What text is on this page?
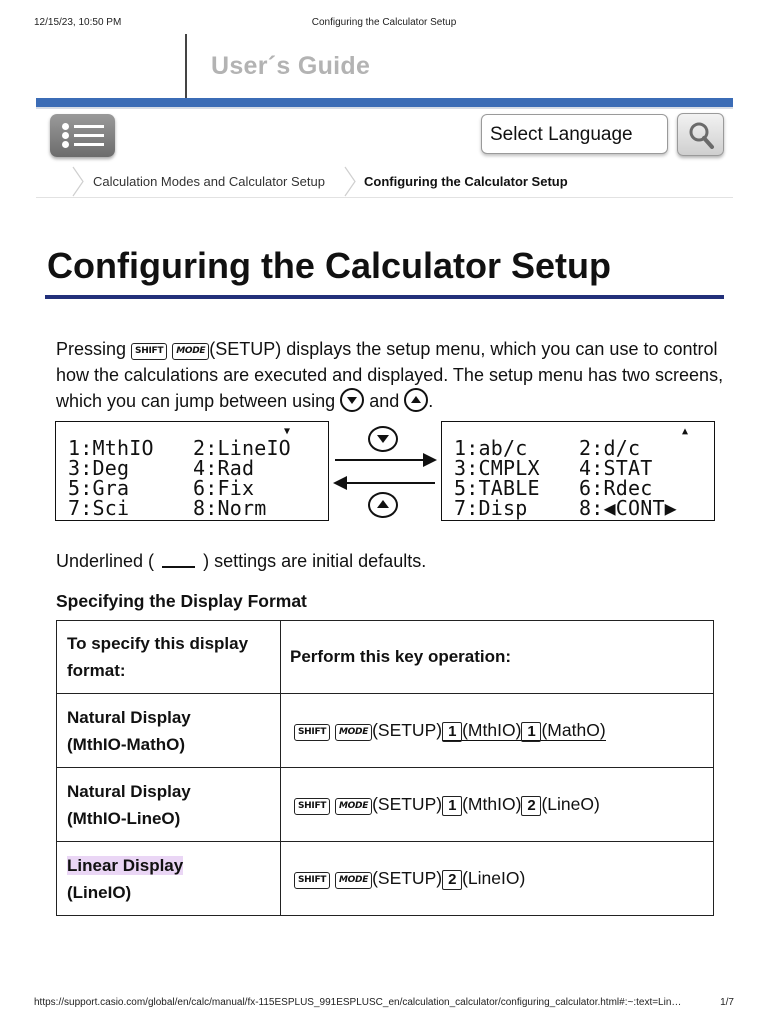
12/15/23, 10:50 PM	Configuring the Calculator Setup
User´s Guide
Select Language
Calculation Modes and Calculator Setup	Configuring the Calculator Setup
Configuring the Calculator Setup

Pressing SHIFT MODE (SETUP) displays the setup menu, which you can use to control how the calculations are executed and displayed. The setup menu has two screens, which you can jump between using and .

▼
1:MthIO 2:LineIO
3:Deg	4:Rad
5:Gra	6:Fix
7:Sci	8:Norm
▲
1:ab/c	2:d/c
3:CMPLX 4:STAT
5:TABLE 6:Rdec
7:Disp	8:◀CONT▶

Underlined (	) settings are initial defaults.

Specifying the Display Format
To specify this display format:	Perform this key operation:
Natural Display
(MthIO-MathO)	SHIFT MODE (SETUP) 1 (MthIO) 1 (MathO)
Natural Display
(MthIO-LineO)	SHIFT MODE (SETUP) 1 (MthIO) 2 (LineO)
Linear Display
(LineIO)	SHIFT MODE (SETUP) 2 (LineIO)
https://support.casio.com/global/en/calc/manual/fx-115ESPLUS_991ESPLUSC_en/calculation_calculator/configuring_calculator.html#:~:text=Lin…	1/7
